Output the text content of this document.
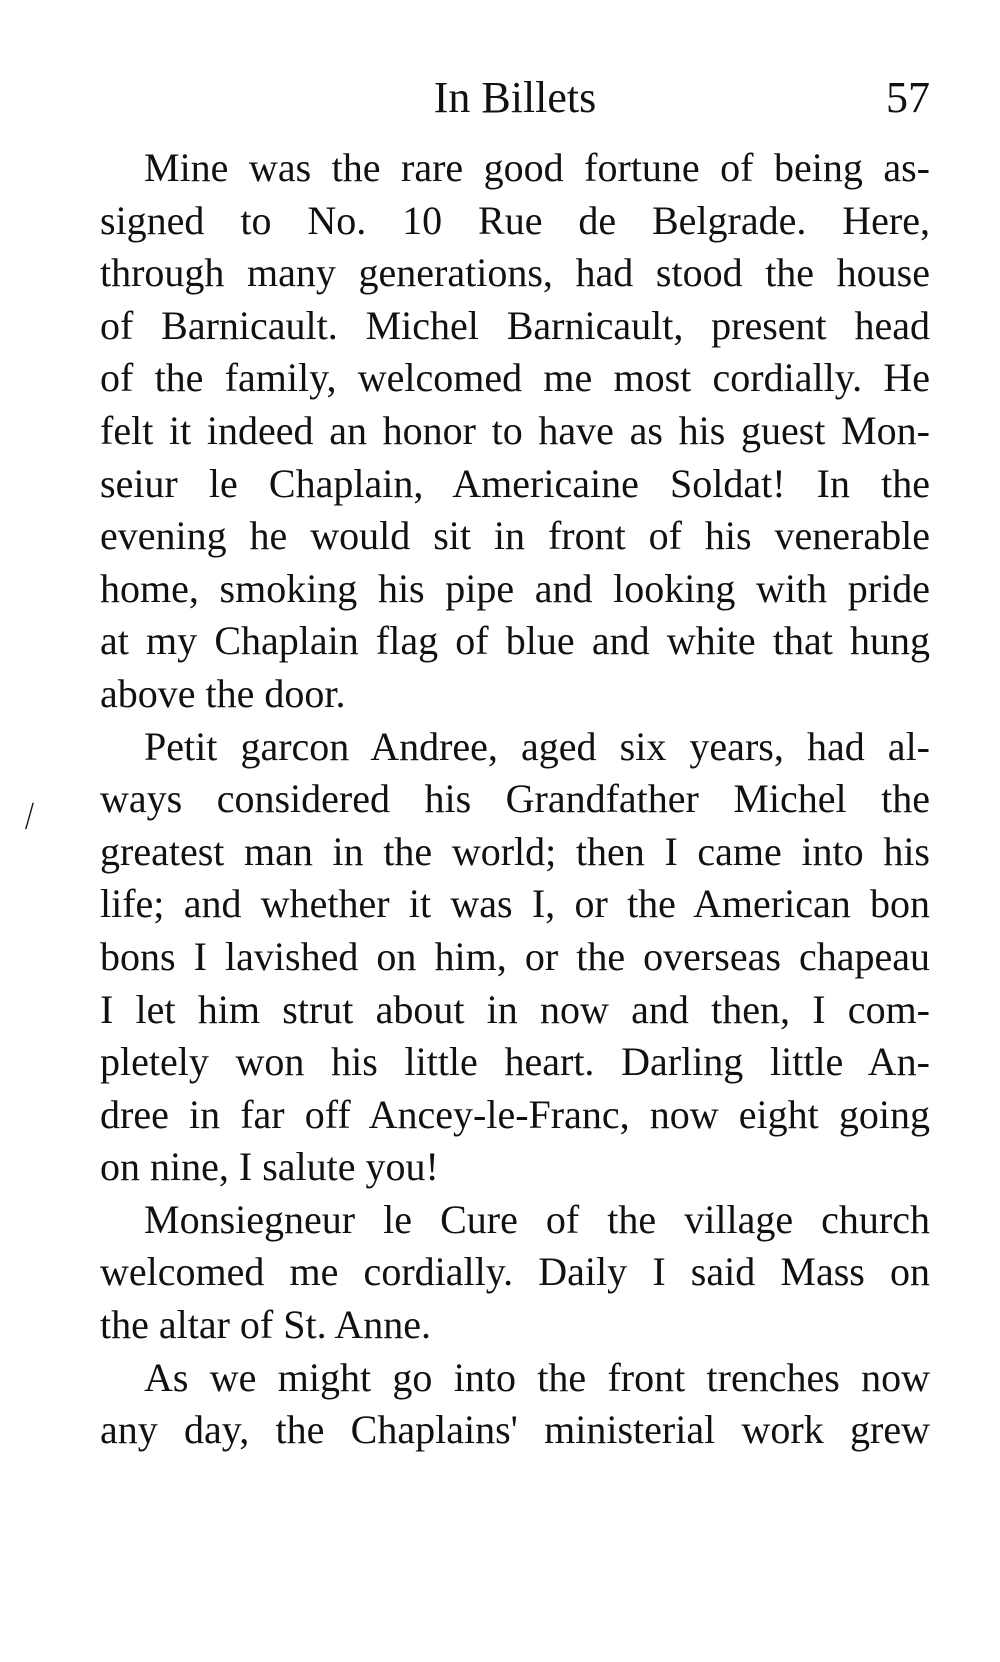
In Billets	57
⁄

Mine was the rare good fortune of being as-
signed to No. 10 Rue de Belgrade. Here,
through many generations, had stood the house
of Barnicault. Michel Barnicault, present head
of the family, welcomed me most cordially. He
felt it indeed an honor to have as his guest Mon-
seiur le Chaplain, Americaine Soldat! In the
evening he would sit in front of his venerable
home, smoking his pipe and looking with pride
at my Chaplain flag of blue and white that hung
above the door.

Petit garcon Andree, aged six years, had al-
ways considered his Grandfather Michel the
greatest man in the world; then I came into his
life; and whether it was I, or the American bon
bons I lavished on him, or the overseas chapeau
I let him strut about in now and then, I com-
pletely won his little heart. Darling little An-
dree in far off Ancey-le-Franc, now eight going
on nine, I salute you!

Monsiegneur le Cure of the village church
welcomed me cordially. Daily I said Mass on
the altar of St. Anne.

As we might go into the front trenches now
any day, the Chaplains' ministerial work grew
